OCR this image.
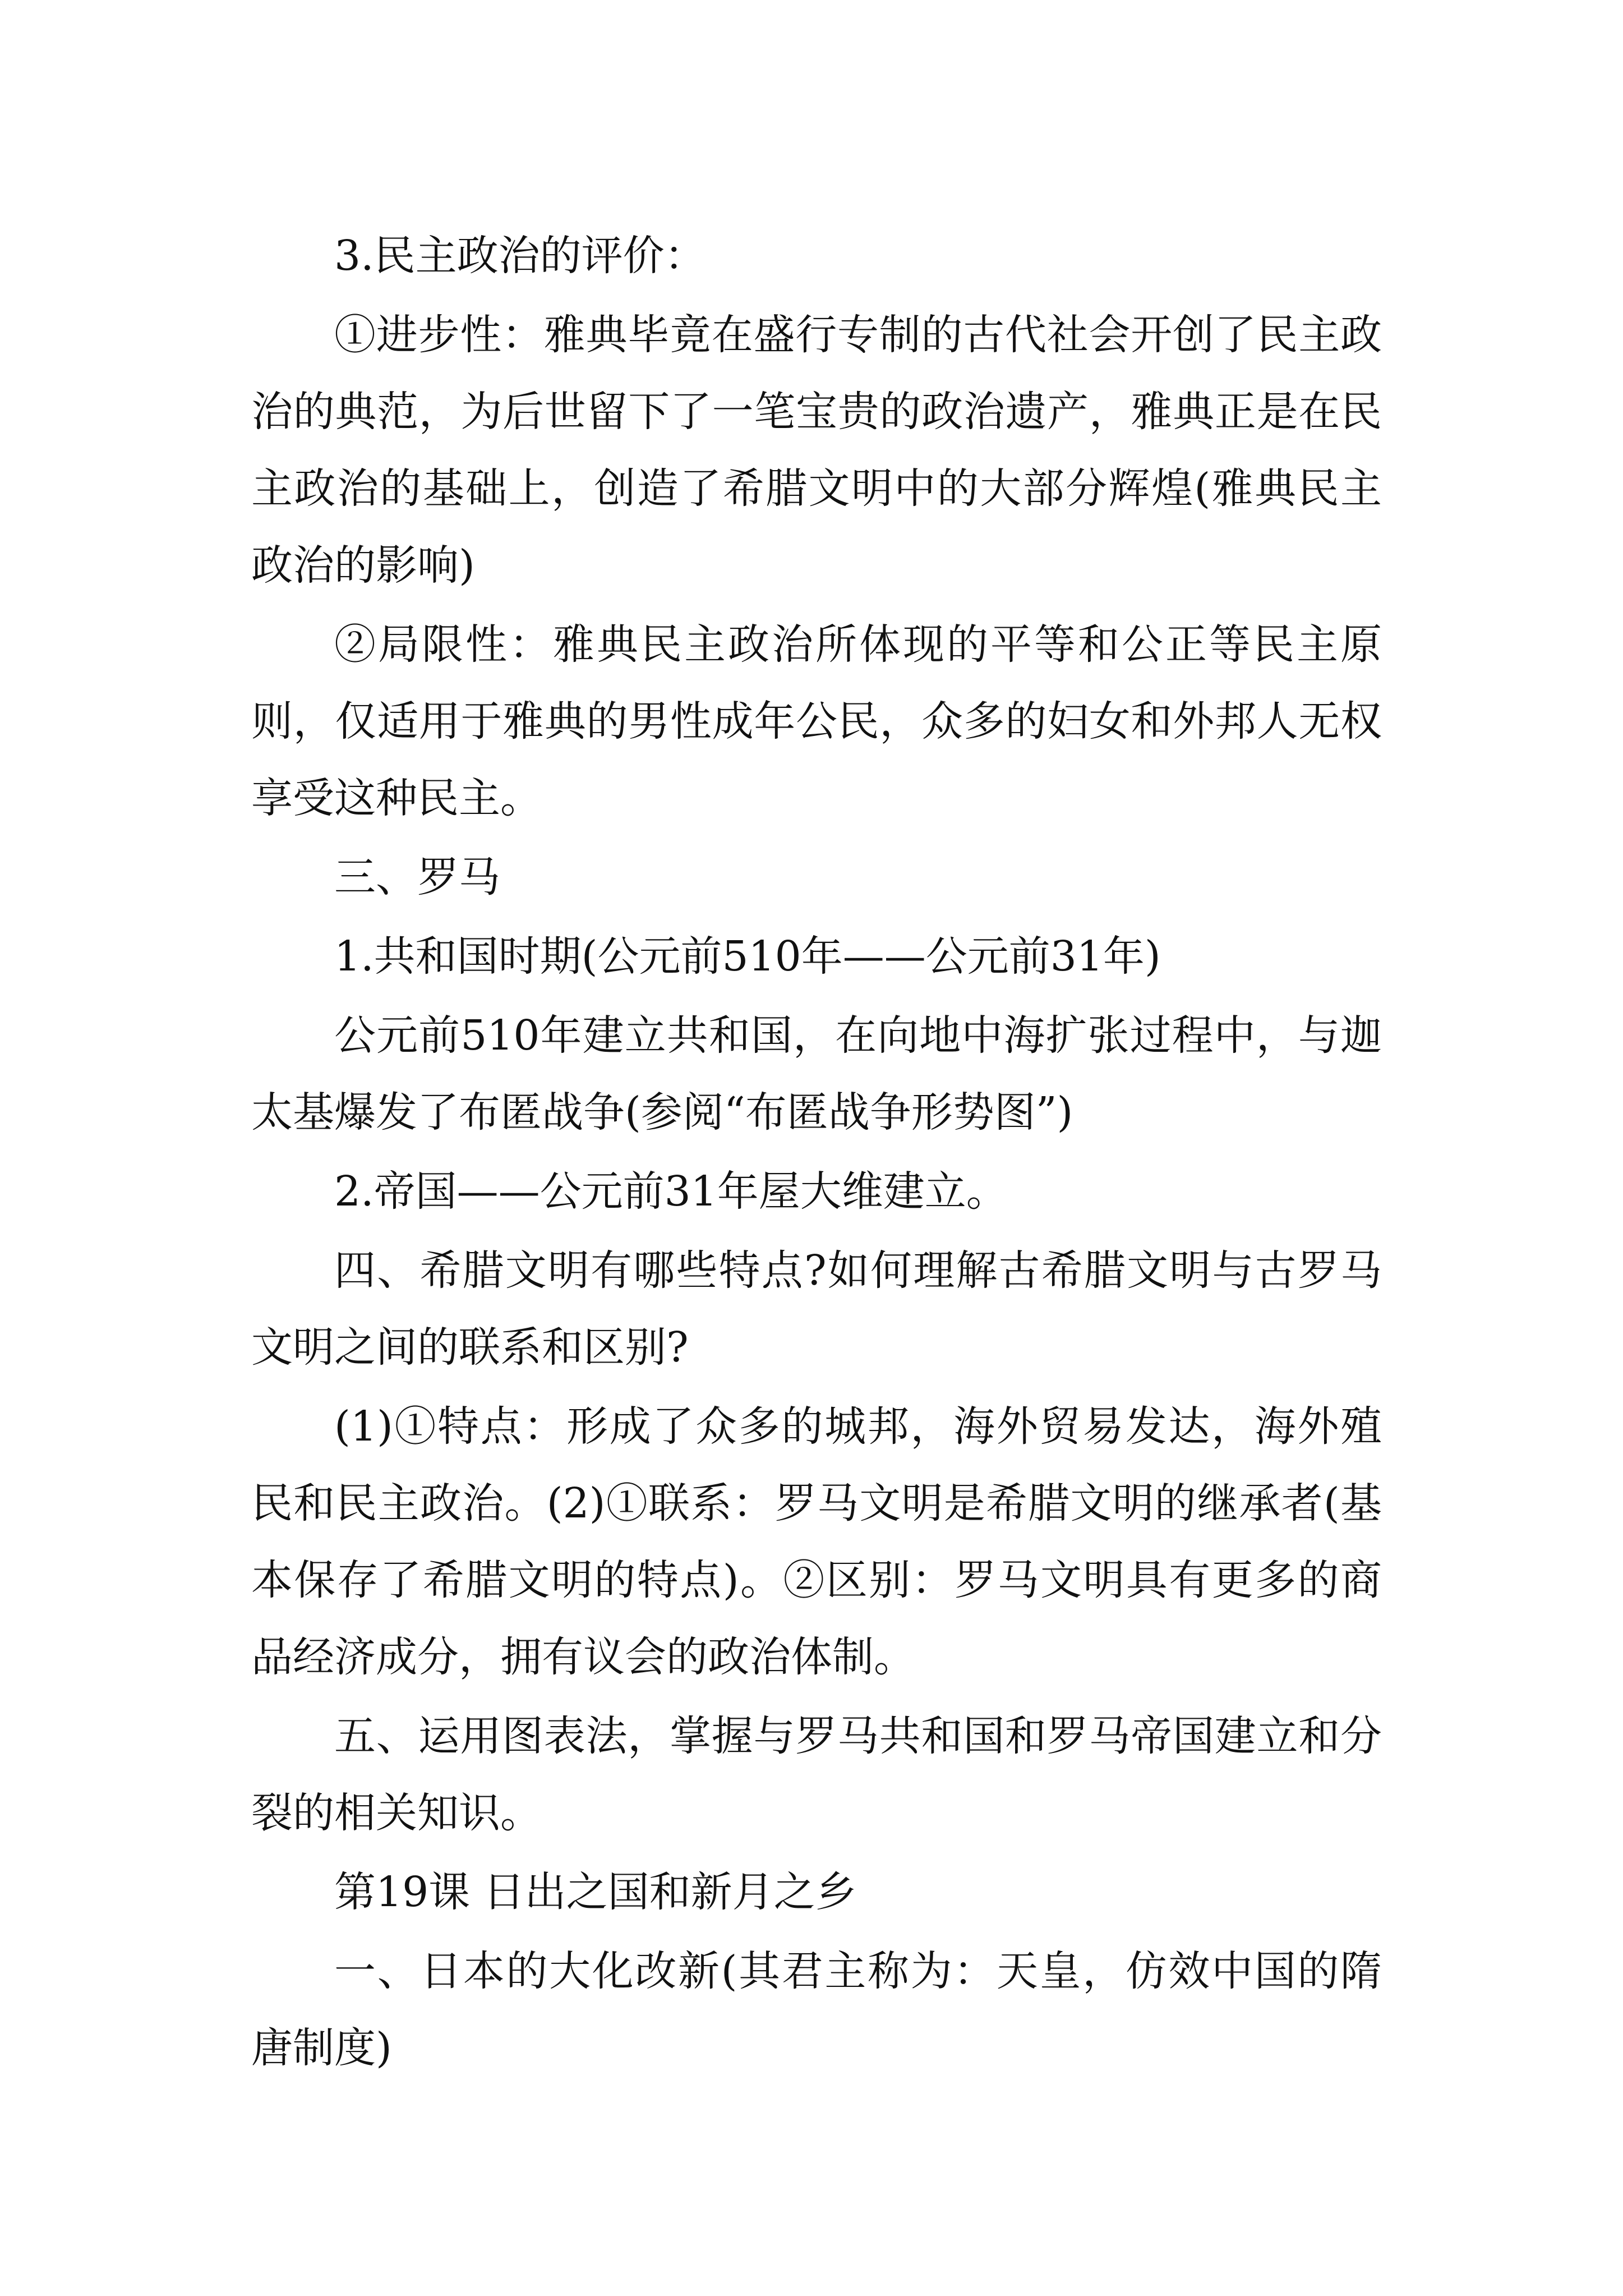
3.民主政治的评价：

①进步性：雅典毕竟在盛行专制的古代社会开创了民主政治的典范，为后世留下了一笔宝贵的政治遗产，雅典正是在民主政治的基础上，创造了希腊文明中的大部分辉煌(雅典民主政治的影响)

②局限性：雅典民主政治所体现的平等和公正等民主原则，仅适用于雅典的男性成年公民，众多的妇女和外邦人无权享受这种民主。

三、罗马

1.共和国时期(公元前510年——公元前31年)

公元前510年建立共和国，在向地中海扩张过程中，与迦太基爆发了布匿战争(参阅“布匿战争形势图”)

2.帝国——公元前31年屋大维建立。

四、希腊文明有哪些特点?如何理解古希腊文明与古罗马文明之间的联系和区别?

(1)①特点：形成了众多的城邦，海外贸易发达，海外殖民和民主政治。(2)①联系：罗马文明是希腊文明的继承者(基本保存了希腊文明的特点)。②区别：罗马文明具有更多的商品经济成分，拥有议会的政治体制。

五、运用图表法，掌握与罗马共和国和罗马帝国建立和分裂的相关知识。

第19课 日出之国和新月之乡

一、日本的大化改新(其君主称为：天皇，仿效中国的隋唐制度)
